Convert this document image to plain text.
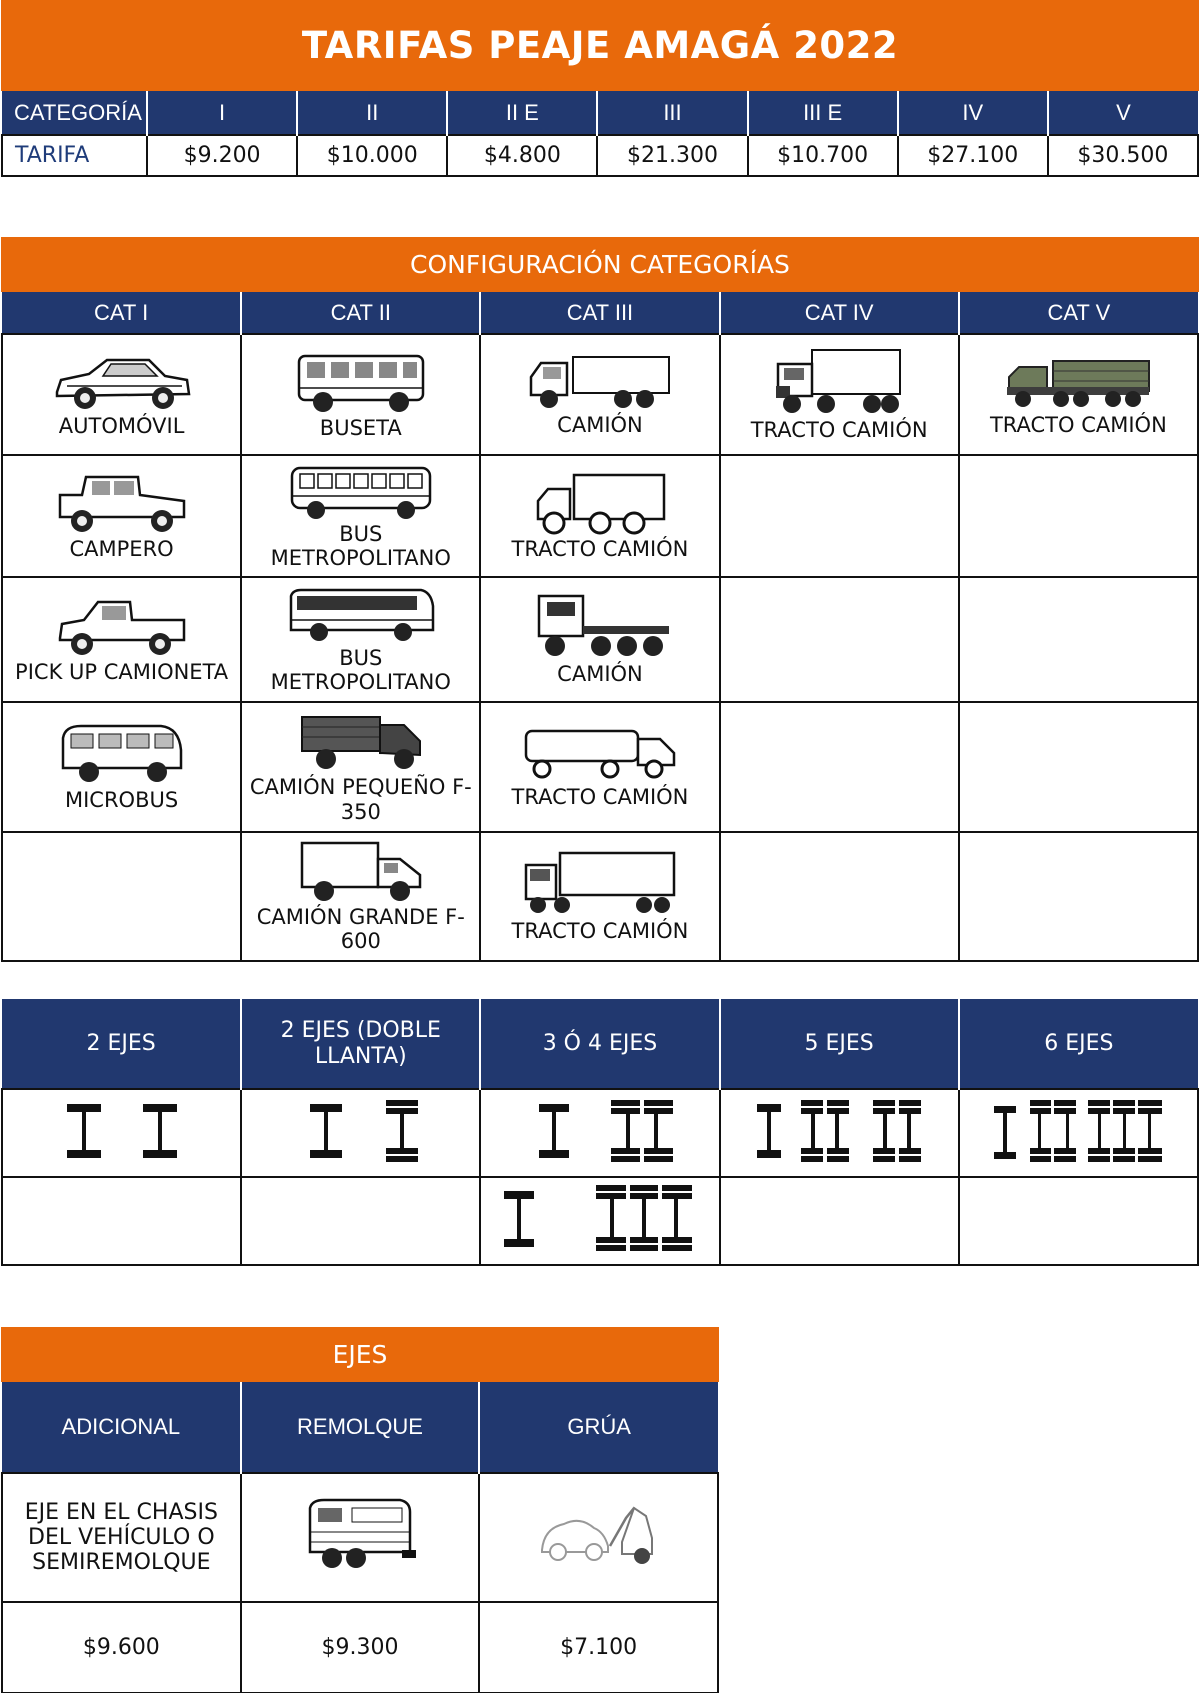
TARIFAS PEAJE AMAGÁ 2022
CATEGORÍA	I	II	II E	III	III E	IV	V
TARIFA	$9.200	$10.000	$4.800	$21.300	$10.700	$27.100	$30.500
CONFIGURACIÓN CATEGORÍAS
CAT I	CAT II	CAT III	CAT IV	CAT V

AUTOMÓVIL	BUSETA	CAMIÓN	TRACTO CAMIÓN	TRACTO CAMIÓN

CAMPERO	BUS METROPOLITANO	TRACTO CAMIÓN		

PICK UP CAMIONETA	BUS METROPOLITANO	CAMIÓN		

MICROBUS	CAMIÓN PEQUEÑO F-350	TRACTO CAMIÓN		

	CAMIÓN GRANDE F-600	TRACTO CAMIÓN		

2 EJES	2 EJES (DOBLE LLANTA)	3 Ó 4 EJES	5 EJES	6 EJES

EJES
ADICIONAL	REMOLQUE	GRÚA
EJE EN EL CHASIS DEL VEHÍCULO O SEMIREMOLQUE		
$9.600	$9.300	$7.100
